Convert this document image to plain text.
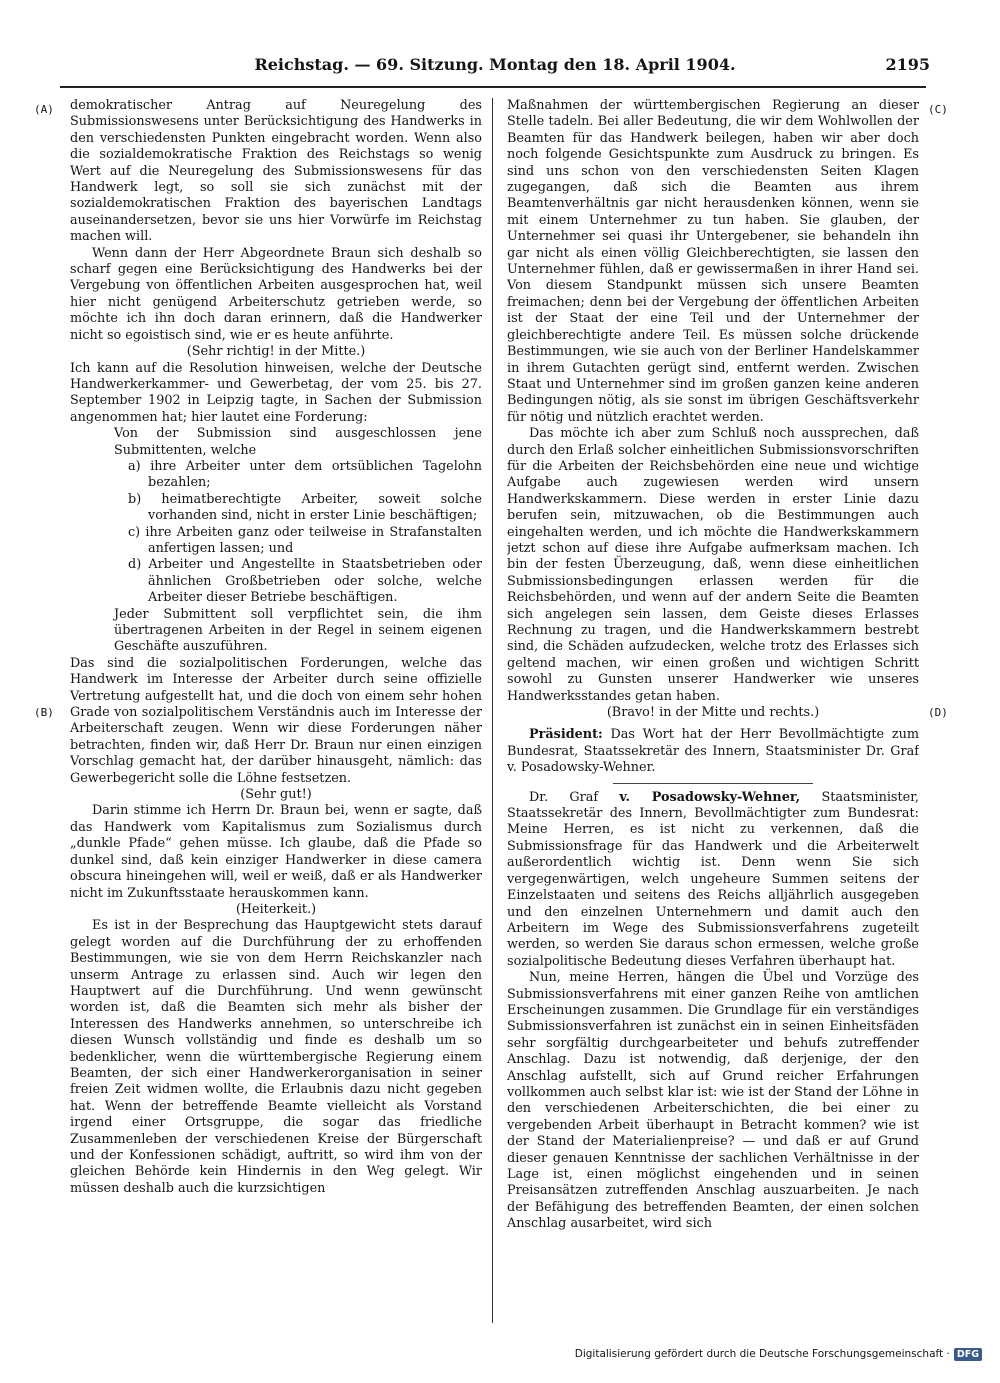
Reichstag. — 69. Sitzung. Montag den 18. April 1904.	2195
(A)
(B)
(C)
(D)

demokratischer Antrag auf Neuregelung des Submissionswesens unter Berücksichtigung des Handwerks in den verschiedensten Punkten eingebracht worden. Wenn also die sozialdemokratische Fraktion des Reichstags so wenig Wert auf die Neuregelung des Submissionswesens für das Handwerk legt, so soll sie sich zunächst mit der sozialdemokratischen Fraktion des bayerischen Landtags auseinandersetzen, bevor sie uns hier Vorwürfe im Reichstag machen will.

Wenn dann der Herr Abgeordnete Braun sich deshalb so scharf gegen eine Berücksichtigung des Handwerks bei der Vergebung von öffentlichen Arbeiten ausgesprochen hat, weil hier nicht genügend Arbeiterschutz getrieben werde, so möchte ich ihn doch daran erinnern, daß die Handwerker nicht so egoistisch sind, wie er es heute anführte.

(Sehr richtig! in der Mitte.)

Ich kann auf die Resolution hinweisen, welche der Deutsche Handwerkerkammer- und Gewerbetag, der vom 25. bis 27. September 1902 in Leipzig tagte, in Sachen der Submission angenommen hat; hier lautet eine Forderung:

Von der Submission sind ausgeschlossen jene Submittenten, welche

a) ihre Arbeiter unter dem ortsüblichen Tagelohn bezahlen;

b) heimatberechtigte Arbeiter, soweit solche vorhanden sind, nicht in erster Linie beschäftigen;

c) ihre Arbeiten ganz oder teilweise in Strafanstalten anfertigen lassen; und

d) Arbeiter und Angestellte in Staatsbetrieben oder ähnlichen Großbetrieben oder solche, welche Arbeiter dieser Betriebe beschäftigen.

Jeder Submittent soll verpflichtet sein, die ihm übertragenen Arbeiten in der Regel in seinem eigenen Geschäfte auszuführen.

Das sind die sozialpolitischen Forderungen, welche das Handwerk im Interesse der Arbeiter durch seine offizielle Vertretung aufgestellt hat, und die doch von einem sehr hohen Grade von sozialpolitischem Verständnis auch im Interesse der Arbeiterschaft zeugen. Wenn wir diese Forderungen näher betrachten, finden wir, daß Herr Dr. Braun nur einen einzigen Vorschlag gemacht hat, der darüber hinausgeht, nämlich: das Gewerbegericht solle die Löhne festsetzen.

(Sehr gut!)

Darin stimme ich Herrn Dr. Braun bei, wenn er sagte, daß das Handwerk vom Kapitalismus zum Sozialismus durch „dunkle Pfade“ gehen müsse. Ich glaube, daß die Pfade so dunkel sind, daß kein einziger Handwerker in diese camera obscura hineingehen will, weil er weiß, daß er als Handwerker nicht im Zukunftsstaate herauskommen kann.

(Heiterkeit.)

Es ist in der Besprechung das Hauptgewicht stets darauf gelegt worden auf die Durchführung der zu erhoffenden Bestimmungen, wie sie von dem Herrn Reichskanzler nach unserm Antrage zu erlassen sind. Auch wir legen den Hauptwert auf die Durchführung. Und wenn gewünscht worden ist, daß die Beamten sich mehr als bisher der Interessen des Handwerks annehmen, so unterschreibe ich diesen Wunsch vollständig und finde es deshalb um so bedenklicher, wenn die württembergische Regierung einem Beamten, der sich einer Handwerkerorganisation in seiner freien Zeit widmen wollte, die Erlaubnis dazu nicht gegeben hat. Wenn der betreffende Beamte vielleicht als Vorstand irgend einer Ortsgruppe, die sogar das friedliche Zusammenleben der verschiedenen Kreise der Bürgerschaft und der Konfessionen schädigt, auftritt, so wird ihm von der gleichen Behörde kein Hindernis in den Weg gelegt. Wir müssen deshalb auch die kurzsichtigen

Maßnahmen der württembergischen Regierung an dieser Stelle tadeln. Bei aller Bedeutung, die wir dem Wohlwollen der Beamten für das Handwerk beilegen, haben wir aber doch noch folgende Gesichtspunkte zum Ausdruck zu bringen. Es sind uns schon von den verschiedensten Seiten Klagen zugegangen, daß sich die Beamten aus ihrem Beamtenverhältnis gar nicht herausdenken können, wenn sie mit einem Unternehmer zu tun haben. Sie glauben, der Unternehmer sei quasi ihr Untergebener, sie behandeln ihn gar nicht als einen völlig Gleichberechtigten, sie lassen den Unternehmer fühlen, daß er gewissermaßen in ihrer Hand sei. Von diesem Standpunkt müssen sich unsere Beamten freimachen; denn bei der Vergebung der öffentlichen Arbeiten ist der Staat der eine Teil und der Unternehmer der gleichberechtigte andere Teil. Es müssen solche drückende Bestimmungen, wie sie auch von der Berliner Handelskammer in ihrem Gutachten gerügt sind, entfernt werden. Zwischen Staat und Unternehmer sind im großen ganzen keine anderen Bedingungen nötig, als sie sonst im übrigen Geschäftsverkehr für nötig und nützlich erachtet werden.

Das möchte ich aber zum Schluß noch aussprechen, daß durch den Erlaß solcher einheitlichen Submissionsvorschriften für die Arbeiten der Reichsbehörden eine neue und wichtige Aufgabe auch zugewiesen werden wird unsern Handwerkskammern. Diese werden in erster Linie dazu berufen sein, mitzuwachen, ob die Bestimmungen auch eingehalten werden, und ich möchte die Handwerkskammern jetzt schon auf diese ihre Aufgabe aufmerksam machen. Ich bin der festen Überzeugung, daß, wenn diese einheitlichen Submissionsbedingungen erlassen werden für die Reichsbehörden, und wenn auf der andern Seite die Beamten sich angelegen sein lassen, dem Geiste dieses Erlasses Rechnung zu tragen, und die Handwerkskammern bestrebt sind, die Schäden aufzudecken, welche trotz des Erlasses sich geltend machen, wir einen großen und wichtigen Schritt sowohl zu Gunsten unserer Handwerker wie unseres Handwerksstandes getan haben.

(Bravo! in der Mitte und rechts.)

Präsident: Das Wort hat der Herr Bevollmächtigte zum Bundesrat, Staatssekretär des Innern, Staatsminister Dr. Graf v. Posadowsky-Wehner.

Dr. Graf v. Posadowsky-Wehner, Staatsminister, Staatssekretär des Innern, Bevollmächtigter zum Bundesrat: Meine Herren, es ist nicht zu verkennen, daß die Submissionsfrage für das Handwerk und die Arbeiterwelt außerordentlich wichtig ist. Denn wenn Sie sich vergegenwärtigen, welch ungeheure Summen seitens der Einzelstaaten und seitens des Reichs alljährlich ausgegeben und den einzelnen Unternehmern und damit auch den Arbeitern im Wege des Submissionsverfahrens zugeteilt werden, so werden Sie daraus schon ermessen, welche große sozialpolitische Bedeutung dieses Verfahren überhaupt hat.

Nun, meine Herren, hängen die Übel und Vorzüge des Submissionsverfahrens mit einer ganzen Reihe von amtlichen Erscheinungen zusammen. Die Grundlage für ein verständiges Submissionsverfahren ist zunächst ein in seinen Einheitsfäden sehr sorgfältig durchgearbeiteter und behufs zutreffender Anschlag. Dazu ist notwendig, daß derjenige, der den Anschlag aufstellt, sich auf Grund reicher Erfahrungen vollkommen auch selbst klar ist: wie ist der Stand der Löhne in den verschiedenen Arbeiterschichten, die bei einer zu vergebenden Arbeit überhaupt in Betracht kommen? wie ist der Stand der Materialienpreise? — und daß er auf Grund dieser genauen Kenntnisse der sachlichen Verhältnisse in der Lage ist, einen möglichst eingehenden und in seinen Preisansätzen zutreffenden Anschlag auszuarbeiten. Je nach der Befähigung des betreffenden Beamten, der einen solchen Anschlag ausarbeitet, wird sich

Digitalisierung gefördert durch die Deutsche Forschungsgemeinschaft · DFG
